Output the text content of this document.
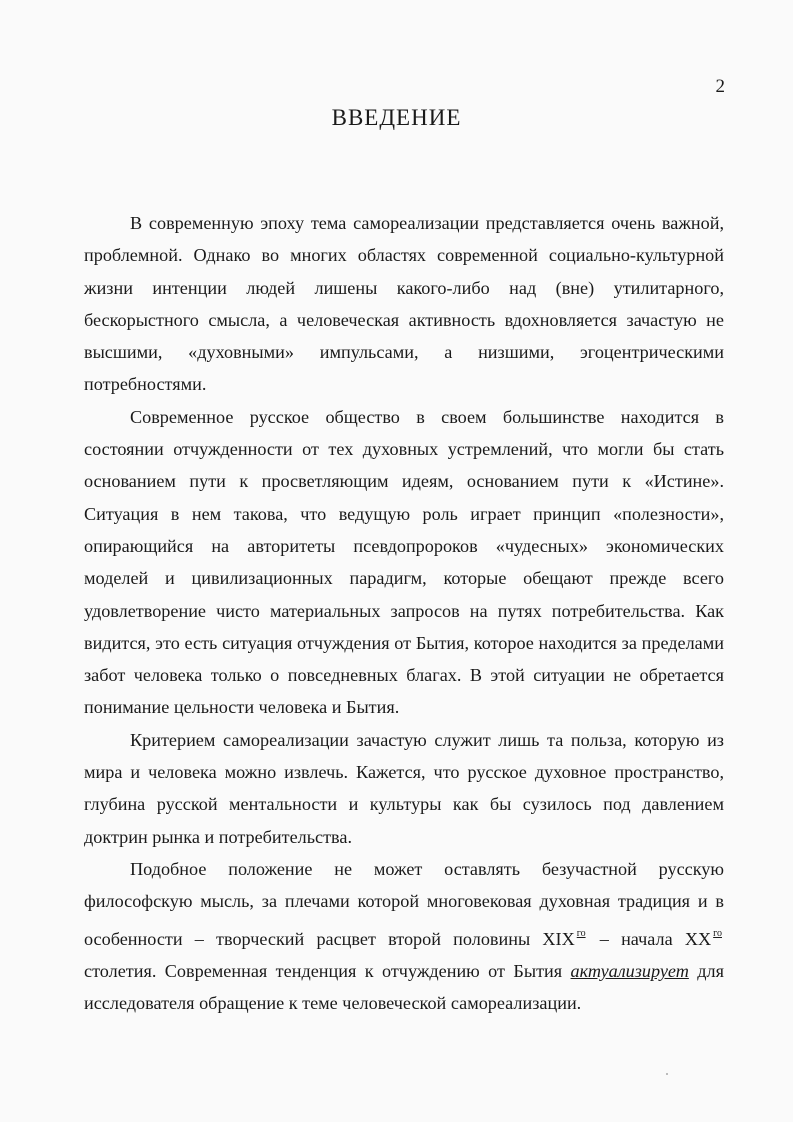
2
ВВЕДЕНИЕ

В современную эпоху тема самореализации представляется очень важной, проблемной. Однако во многих областях современной социально-культурной жизни интенции людей лишены какого-либо над (вне) утилитарного, бескорыстного смысла, а человеческая активность вдохновляется зачастую не высшими, «духовными» импульсами, а низшими, эгоцентрическими потребностями.

Современное русское общество в своем большинстве находится в состоянии отчужденности от тех духовных устремлений, что могли бы стать основанием пути к просветляющим идеям, основанием пути к «Истине». Ситуация в нем такова, что ведущую роль играет принцип «полезности», опирающийся на авторитеты псевдопророков «чудесных» экономических моделей и цивилизационных парадигм, которые обещают прежде всего удовлетворение чисто материальных запросов на путях потребительства. Как видится, это есть ситуация отчуждения от Бытия, которое находится за пределами забот человека только о повседневных благах. В этой ситуации не обретается понимание цельности человека и Бытия.

Критерием самореализации зачастую служит лишь та польза, которую из мира и человека можно извлечь. Кажется, что русское духовное пространство, глубина русской ментальности и культуры как бы сузилось под давлением доктрин рынка и потребительства.

Подобное положение не может оставлять безучастной русскую философскую мысль, за плечами которой многовековая духовная традиция и в особенности – творческий расцвет второй половины XIX $^{го}$ – начала XX $^{го}$ столетия. Современная тенденция к отчуждению от Бытия актуализирует для исследователя обращение к теме человеческой самореализации.
